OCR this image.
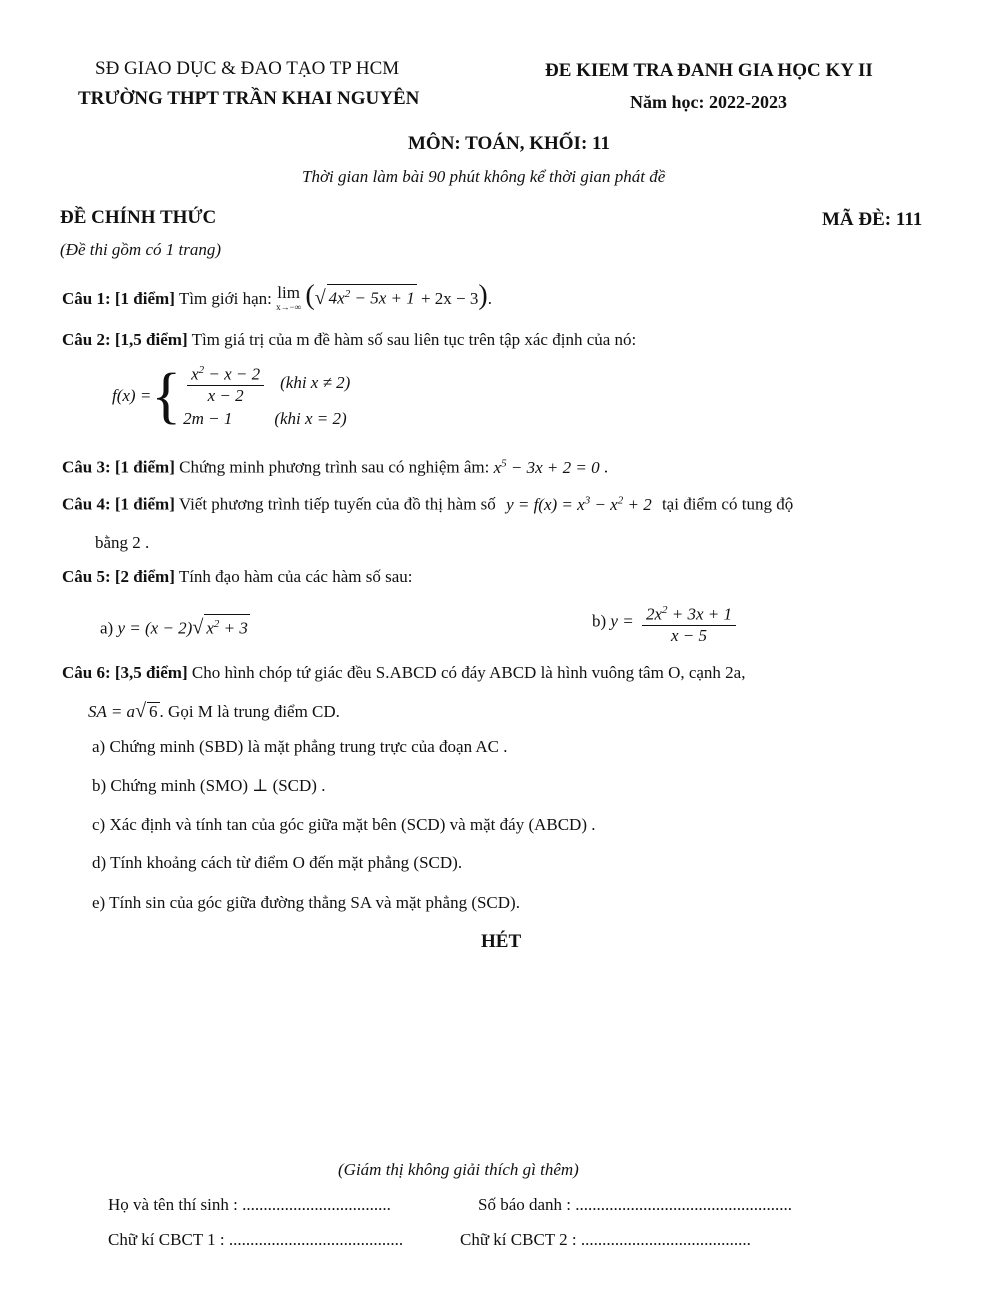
SĐ GIAO DỤC & ĐAO TẠO TP HCM
TRƯỜNG THPT TRẦN KHAI NGUYÊN
ĐE KIEM TRA ĐANH GIA HỌC KY II
Năm học: 2022-2023
MÔN: TOÁN, KHỐI: 11
Thời gian làm bài 90 phút không kể thời gian phát đề
ĐỀ CHÍNH THỨC	MÃ ĐÈ: 111
(Đề thi gồm có 1 trang)
Câu 1: [1 điểm] Tìm giới hạn: lim
x→−∞ (√ $4x^2 - 5x + 1 + 2x - 3$).
Câu 2: [1,5 điểm] Tìm giá trị của m đề hàm số sau liên tục trên tập xác định của nó:
f(x) = { $\frac{x^2 - x - 2}{x - 2} (khi$ x ≠ 2)
2m − 1 (khi x = 2)
Câu 3: [1 điểm] Chứng minh phương trình sau có nghiệm âm: $x^5 - 3x + 2 = 0$ .
Câu 4: [1 điểm] Viết phương trình tiếp tuyến của đồ thị hàm số $y = f(x) = x^3 - x^2 + 2$ tại điểm có tung độ
bằng 2 .
Câu 5: [2 điểm] Tính đạo hàm của các hàm số sau:
a) y = (x − 2)√ $x^2 + 3$	b) $y = \frac{2x^2 + 3x + 1}{x - 5}$
Câu 6: [3,5 điểm] Cho hình chóp tứ giác đều S.ABCD có đáy ABCD là hình vuông tâm O, cạnh 2a,
SA = a√ 6 . Gọi M là trung điểm CD.
a) Chứng minh (SBD) là mặt phẳng trung trực của đoạn AC .
b) Chứng minh (SMO) ⊥ (SCD) .
c) Xác định và tính tan của góc giữa mặt bên (SCD) và mặt đáy (ABCD) .
d) Tính khoảng cách từ điểm O đến mặt phẳng (SCD).
e) Tính sin của góc giữa đường thẳng SA và mặt phẳng (SCD).
HÉT
(Giám thị không giải thích gì thêm)
Họ và tên thí sinh : ...................................	Số báo danh : ...................................................
Chữ kí CBCT 1 : .........................................	Chữ kí CBCT 2 : ........................................
